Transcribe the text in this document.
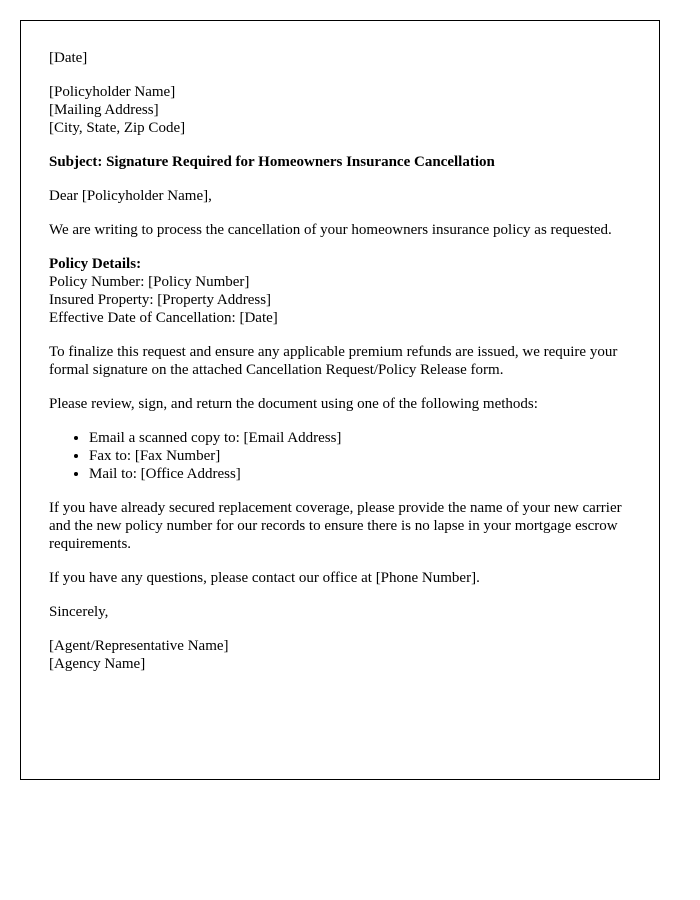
[Date]
[Policyholder Name]
[Mailing Address]
[City, State, Zip Code]
Subject: Signature Required for Homeowners Insurance Cancellation
Dear [Policyholder Name],
We are writing to process the cancellation of your homeowners insurance policy as requested.
Policy Details:
Policy Number: [Policy Number]
Insured Property: [Property Address]
Effective Date of Cancellation: [Date]
To finalize this request and ensure any applicable premium refunds are issued, we require your formal signature on the attached Cancellation Request/Policy Release form.
Please review, sign, and return the document using one of the following methods:
• Email a scanned copy to: [Email Address]
• Fax to: [Fax Number]
• Mail to: [Office Address]
If you have already secured replacement coverage, please provide the name of your new carrier and the new policy number for our records to ensure there is no lapse in your mortgage escrow requirements.
If you have any questions, please contact our office at [Phone Number].
Sincerely,
[Agent/Representative Name]
[Agency Name]
